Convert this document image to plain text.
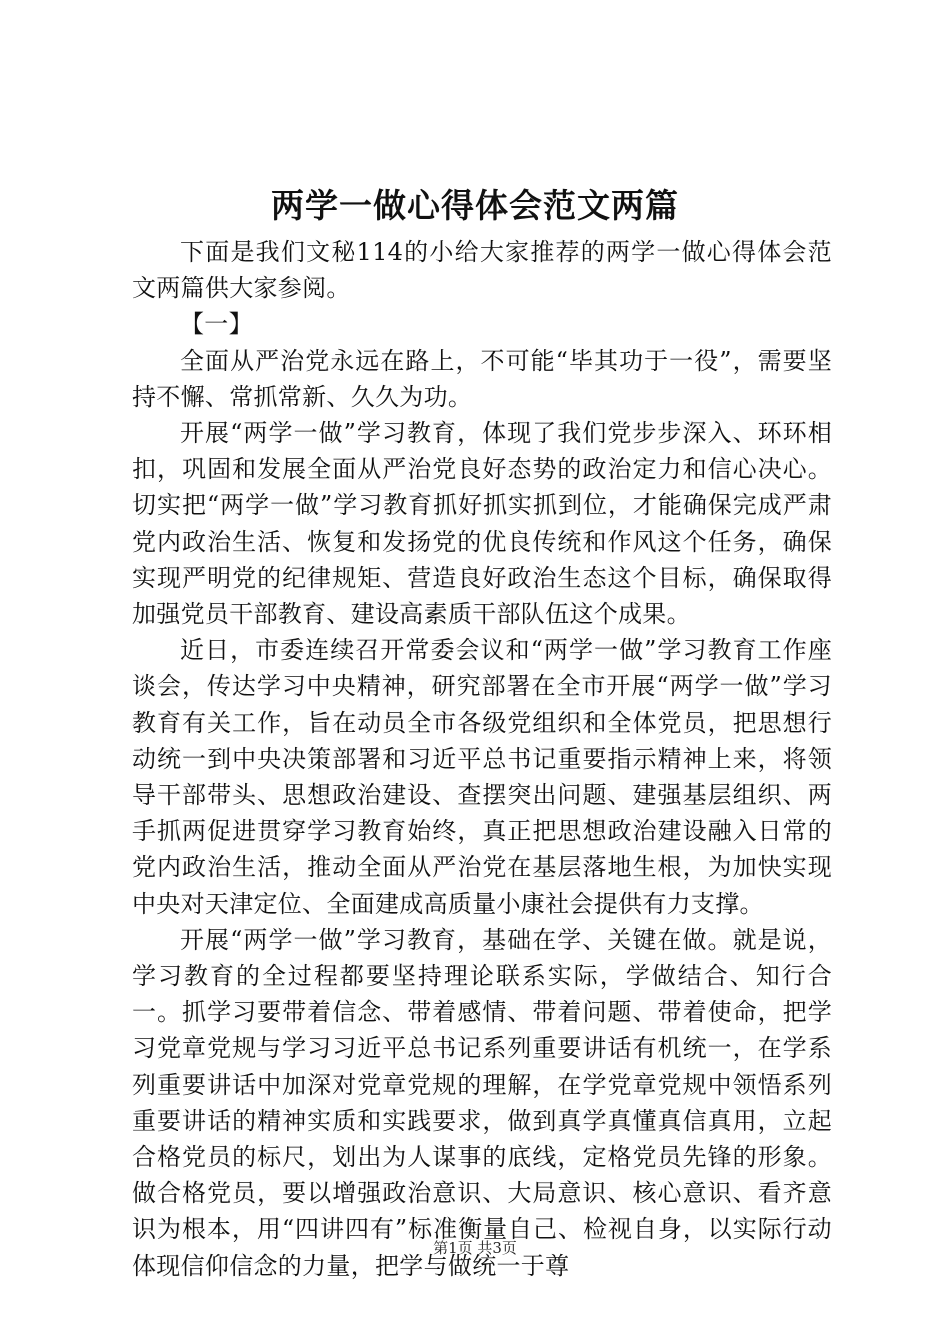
两学一做心得体会范文两篇

下面是我们文秘114的小给大家推荐的两学一做心得体会范文两篇供大家参阅。

【一】

全面从严治党永远在路上，不可能“毕其功于一役”，需要坚持不懈、常抓常新、久久为功。

开展“两学一做”学习教育，体现了我们党步步深入、环环相扣，巩固和发展全面从严治党良好态势的政治定力和信心决心。切实把“两学一做”学习教育抓好抓实抓到位，才能确保完成严肃党内政治生活、恢复和发扬党的优良传统和作风这个任务，确保实现严明党的纪律规矩、营造良好政治生态这个目标，确保取得加强党员干部教育、建设高素质干部队伍这个成果。

近日，市委连续召开常委会议和“两学一做”学习教育工作座谈会，传达学习中央精神，研究部署在全市开展“两学一做”学习教育有关工作，旨在动员全市各级党组织和全体党员，把思想行动统一到中央决策部署和习近平总书记重要指示精神上来，将领导干部带头、思想政治建设、查摆突出问题、建强基层组织、两手抓两促进贯穿学习教育始终，真正把思想政治建设融入日常的党内政治生活，推动全面从严治党在基层落地生根，为加快实现中央对天津定位、全面建成高质量小康社会提供有力支撑。

开展“两学一做”学习教育，基础在学、关键在做。就是说，学习教育的全过程都要坚持理论联系实际，学做结合、知行合一。抓学习要带着信念、带着感情、带着问题、带着使命，把学习党章党规与学习习近平总书记系列重要讲话有机统一，在学系列重要讲话中加深对党章党规的理解，在学党章党规中领悟系列重要讲话的精神实质和实践要求，做到真学真懂真信真用，立起合格党员的标尺，划出为人谋事的底线，定格党员先锋的形象。做合格党员，要以增强政治意识、大局意识、核心意识、看齐意识为根本，用“四讲四有”标准衡量自己、检视自身，以实际行动体现信仰信念的力量，把学与做统一于尊

第1页 共3页
